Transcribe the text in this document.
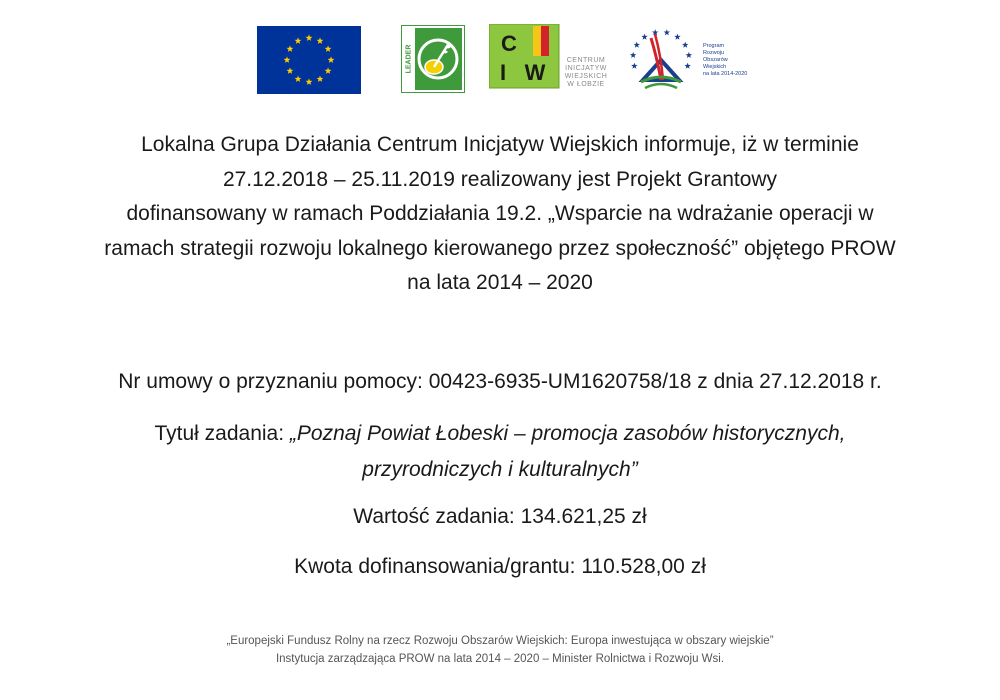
LEADER
C
I W	CENTRUM
INICJATYW
WIEJSKICH
W ŁOBZIE
Program
Rozwoju
Obszarów
Wiejskich
na lata 2014-2020

Lokalna Grupa Działania Centrum Inicjatyw Wiejskich informuje, iż w terminie
27.12.2018 – 25.11.2019 realizowany jest Projekt Grantowy
dofinansowany w ramach Poddziałania 19.2. „Wsparcie na wdrażanie operacji w
ramach strategii rozwoju lokalnego kierowanego przez społeczność” objętego PROW
na lata 2014 – 2020

Nr umowy o przyznaniu pomocy: 00423-6935-UM1620758/18 z dnia 27.12.2018 r.
Tytuł zadania: „Poznaj Powiat Łobeski – promocja zasobów historycznych,
przyrodniczych i kulturalnych”
Wartość zadania: 134.621,25 zł
Kwota dofinansowania/grantu: 110.528,00 zł
„Europejski Fundusz Rolny na rzecz Rozwoju Obszarów Wiejskich: Europa inwestująca w obszary wiejskie”
Instytucja zarządzająca PROW na lata 2014 – 2020 – Minister Rolnictwa i Rozwoju Wsi.
